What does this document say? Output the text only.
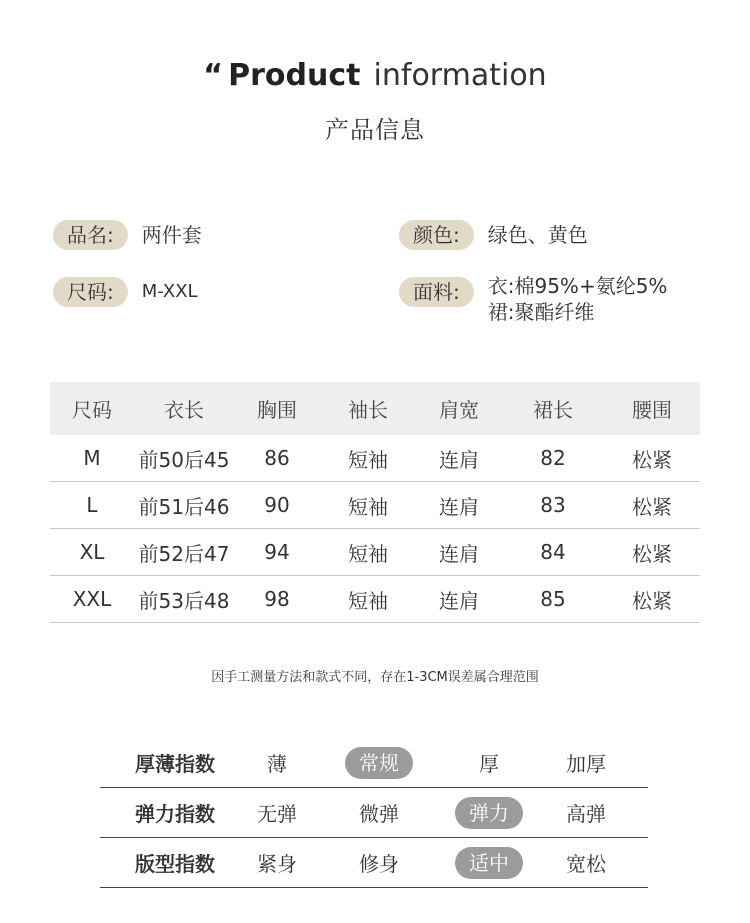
“ Product information
产品信息
品名:	两件套	颜色:	绿色、黄色
尺码:	M-XXL	面料:	衣:棉95%+氨纶5%
裙:聚酯纤维
尺码	衣长	胸围	袖长	肩宽	裙长	腰围
M	前50后45	86	短袖	连肩	82	松紧
L	前51后46	90	短袖	连肩	83	松紧
XL	前52后47	94	短袖	连肩	84	松紧
XXL	前53后48	98	短袖	连肩	85	松紧
因手工测量方法和款式不同，存在1-3CM误差属合理范围
厚薄指数	薄	常规	厚	加厚
弹力指数	无弹	微弹	弹力	高弹
版型指数	紧身	修身	适中	宽松
